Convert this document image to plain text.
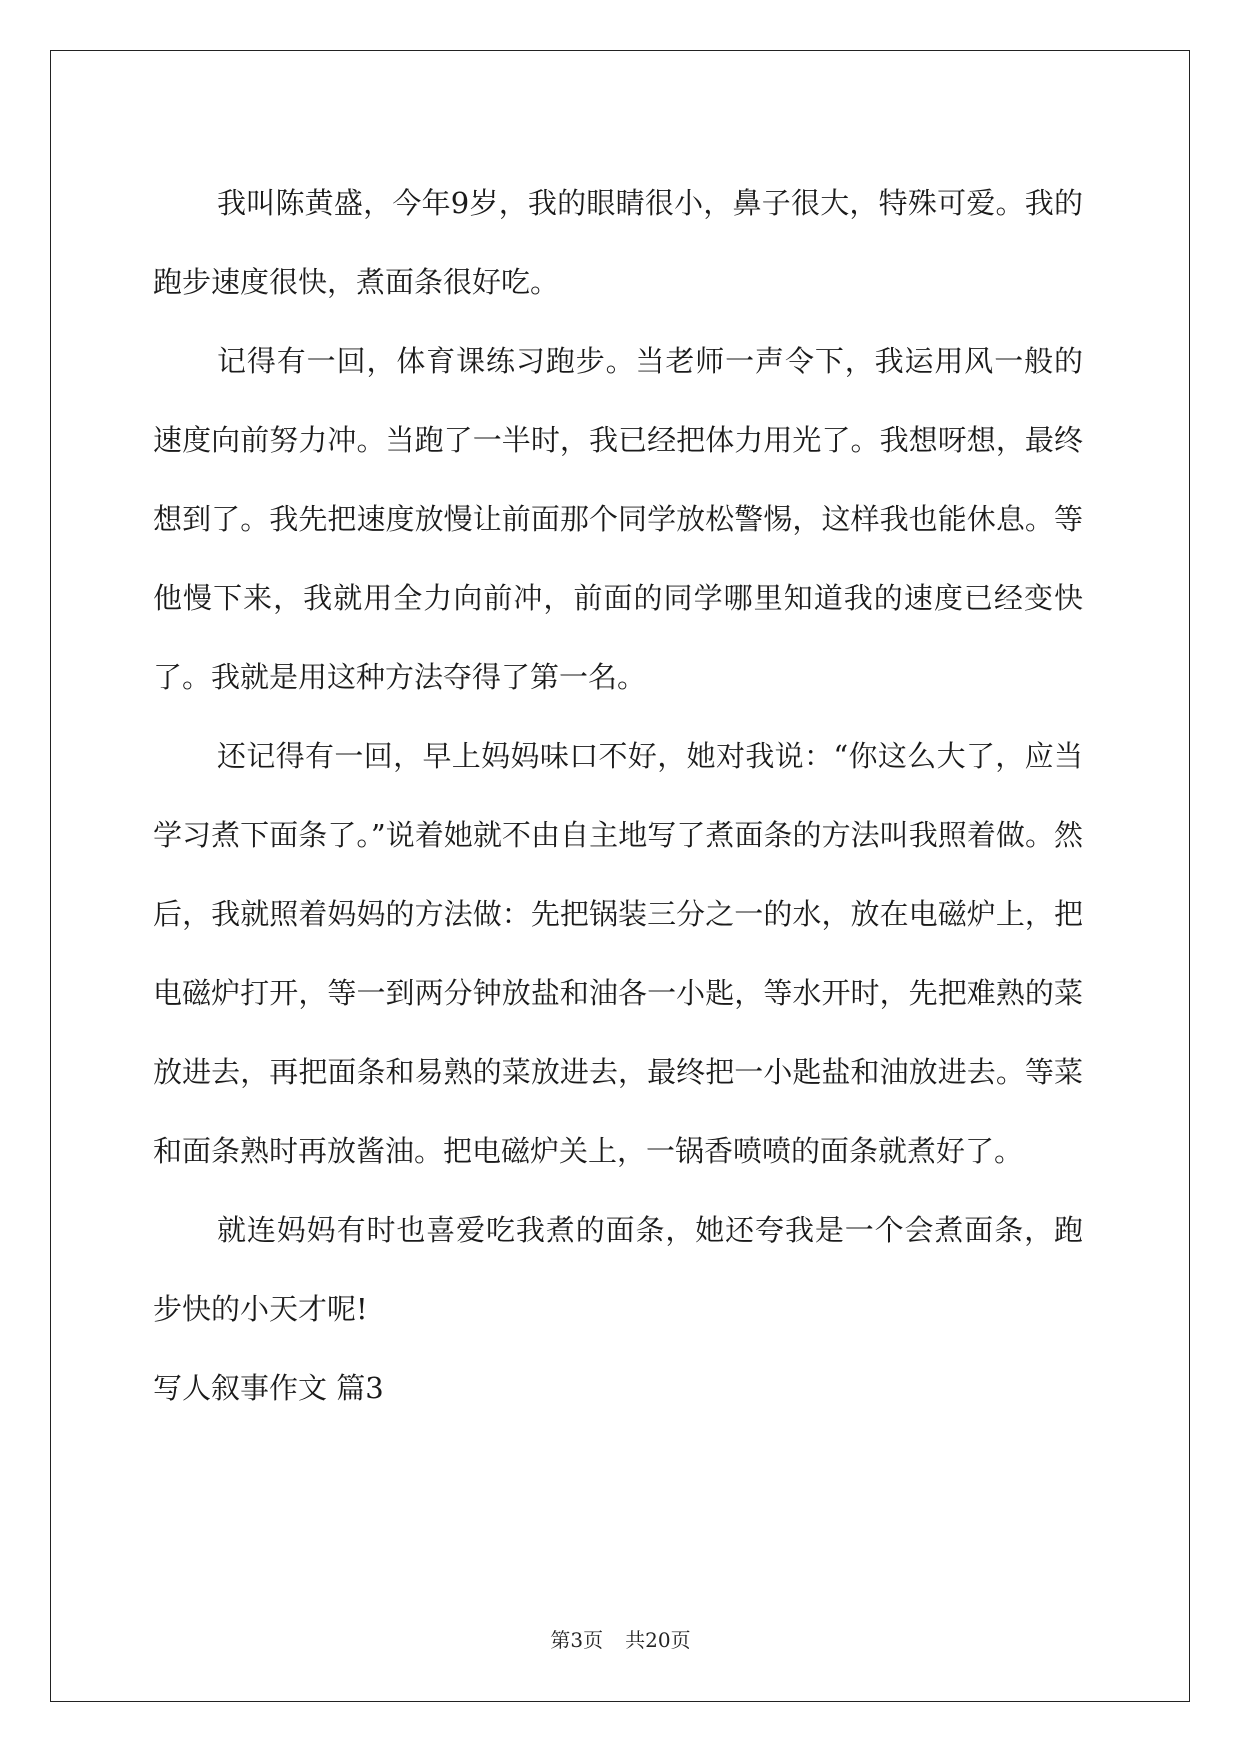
我叫陈黄盛，今年9岁，我的眼睛很小，鼻子很大，特殊可爱。我的跑步速度很快，煮面条很好吃。

记得有一回，体育课练习跑步。当老师一声令下，我运用风一般的速度向前努力冲。当跑了一半时，我已经把体力用光了。我想呀想，最终想到了。我先把速度放慢让前面那个同学放松警惕，这样我也能休息。等他慢下来，我就用全力向前冲，前面的同学哪里知道我的速度已经变快了。我就是用这种方法夺得了第一名。

还记得有一回，早上妈妈味口不好，她对我说：“你这么大了，应当学习煮下面条了。”说着她就不由自主地写了煮面条的方法叫我照着做。然后，我就照着妈妈的方法做：先把锅装三分之一的水，放在电磁炉上，把电磁炉打开，等一到两分钟放盐和油各一小匙，等水开时，先把难熟的菜放进去，再把面条和易熟的菜放进去，最终把一小匙盐和油放进去。等菜和面条熟时再放酱油。把电磁炉关上，一锅香喷喷的面条就煮好了。

就连妈妈有时也喜爱吃我煮的面条，她还夸我是一个会煮面条，跑步快的小天才呢!

写人叙事作文 篇3

第3页 共20页
